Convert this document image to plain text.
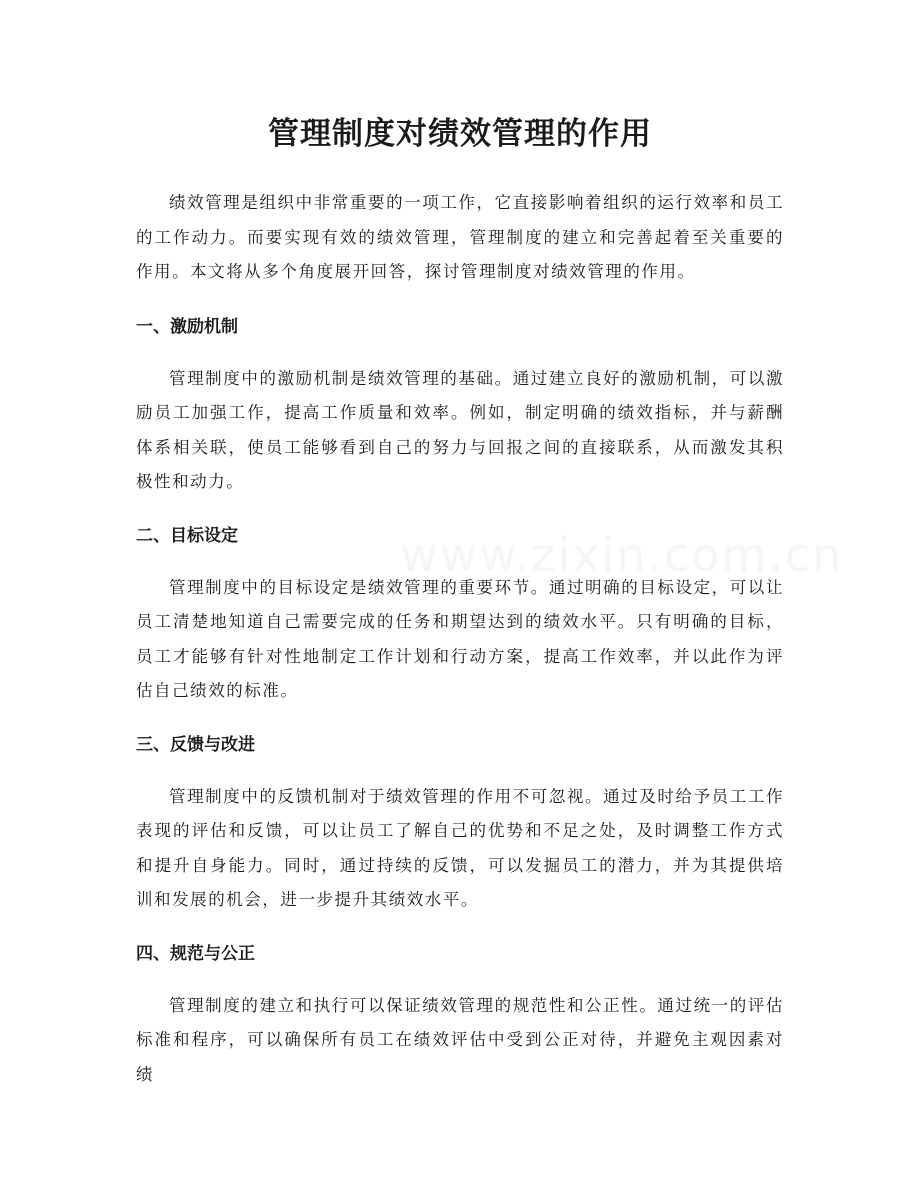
管理制度对绩效管理的作用

绩效管理是组织中非常重要的一项工作，它直接影响着组织的运行效率和员工的工作动力。而要实现有效的绩效管理，管理制度的建立和完善起着至关重要的作用。本文将从多个角度展开回答，探讨管理制度对绩效管理的作用。

一、激励机制

管理制度中的激励机制是绩效管理的基础。通过建立良好的激励机制，可以激励员工加强工作，提高工作质量和效率。例如，制定明确的绩效指标，并与薪酬体系相关联，使员工能够看到自己的努力与回报之间的直接联系，从而激发其积极性和动力。

二、目标设定

管理制度中的目标设定是绩效管理的重要环节。通过明确的目标设定，可以让员工清楚地知道自己需要完成的任务和期望达到的绩效水平。只有明确的目标，员工才能够有针对性地制定工作计划和行动方案，提高工作效率，并以此作为评估自己绩效的标准。

三、反馈与改进

管理制度中的反馈机制对于绩效管理的作用不可忽视。通过及时给予员工工作表现的评估和反馈，可以让员工了解自己的优势和不足之处，及时调整工作方式和提升自身能力。同时，通过持续的反馈，可以发掘员工的潜力，并为其提供培训和发展的机会，进一步提升其绩效水平。

四、规范与公正

管理制度的建立和执行可以保证绩效管理的规范性和公正性。通过统一的评估标准和程序，可以确保所有员工在绩效评估中受到公正对待，并避免主观因素对绩

www.zixin.com.cn
